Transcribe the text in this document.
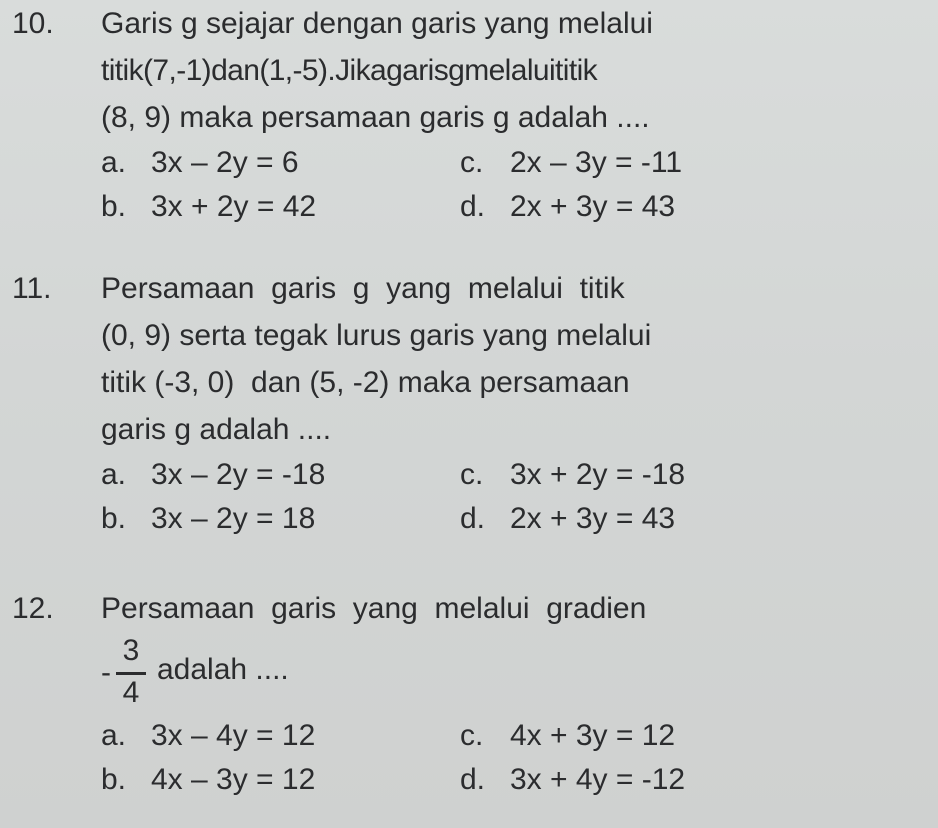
10. Garis g sejajar dengan garis yang melalui
titik(7,-1)dan(1,-5).Jikagarisgmelaluititik
(8, 9) maka persamaan garis g adalah ....
a. 3x – 2y = 6
b. 3x + 2y = 42
c. 2x – 3y = -11
d. 2x + 3y = 43
11. Persamaan  garis  g  yang  melalui  titik
(0, 9) serta tegak lurus garis yang melalui
titik (-3, 0)  dan (5, -2) maka persamaan
garis g adalah ....
a. 3x – 2y = -18
b. 3x – 2y = 18
c. 3x + 2y = -18
d. 2x + 3y = 43
12. Persamaan  garis  yang  melalui  gradien
-
3
4
adalah ....
a. 3x – 4y = 12
b. 4x – 3y = 12
c. 4x + 3y = 12
d. 3x + 4y = -12
